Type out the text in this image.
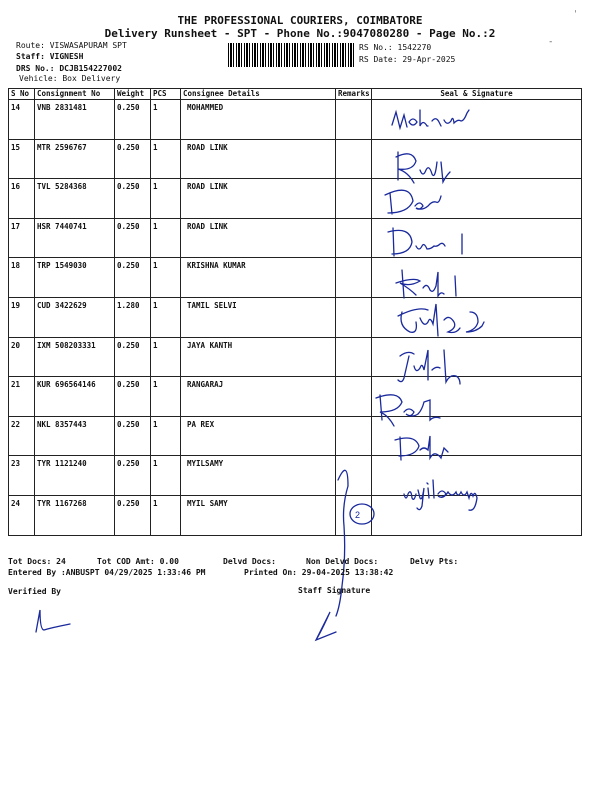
THE PROFESSIONAL COURIERS, COIMBATORE
Delivery Runsheet - SPT - Phone No.:9047080280 - Page No.:2
Route: VISWASAPURAM SPT
Staff: VIGNESH
DRS No.: DCJB154227002
Vehicle: Box Delivery
RS No.: 1542270
RS Date: 29-Apr-2025
ˈ
-
S No	Consignment No	Weight	PCS	Consignee Details	Remarks	Seal & Signature
14	VNB 2831481	0.250	1	MOHAMMED		
15	MTR 2596767	0.250	1	ROAD LINK		
16	TVL 5284368	0.250	1	ROAD LINK		
17	HSR 7440741	0.250	1	ROAD LINK		
18	TRP 1549030	0.250	1	KRISHNA KUMAR		
19	CUD 3422629	1.280	1	TAMIL SELVI		
20	IXM 508203331	0.250	1	JAYA KANTH		
21	KUR 696564146	0.250	1	RANGARAJ		
22	NKL 8357443	0.250	1	PA REX		
23	TYR 1121240	0.250	1	MYILSAMY		
24	TYR 1167268	0.250	1	MYIL SAMY			myilsamy
2
Tot Docs: 24	Tot COD Amt: 0.00	Delvd Docs:	Non Delvd Docs:	Delvy Pts:
Entered By :ANBUSPT 04/29/2025 1:33:46 PM	Printed On: 29-04-2025 13:38:42
Verified By	Staff Signature
